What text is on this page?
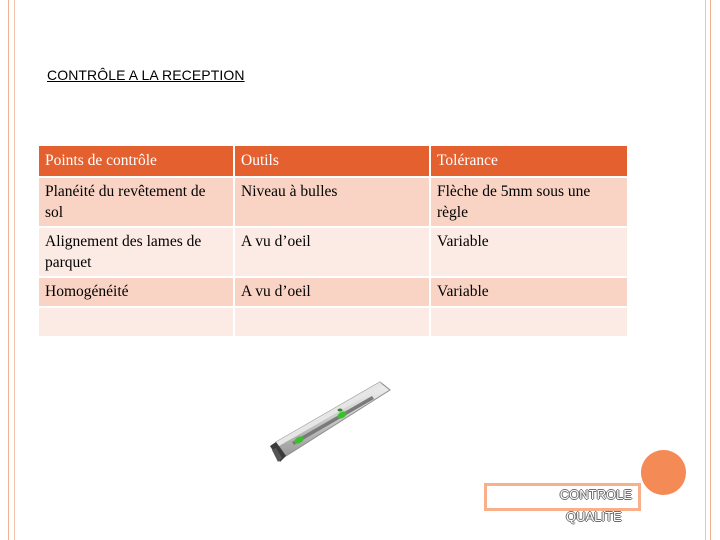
CONTRÔLE A LA RECEPTION
Points de contrôle	Outils	Tolérance
Planéité du revêtement de sol	Niveau à bulles	Flèche de 5mm sous une règle
Alignement des lames de parquet	A vu d’oeil	Variable
Homogénéité	A vu d’oeil	Variable

CONTROLE
QUALITE
